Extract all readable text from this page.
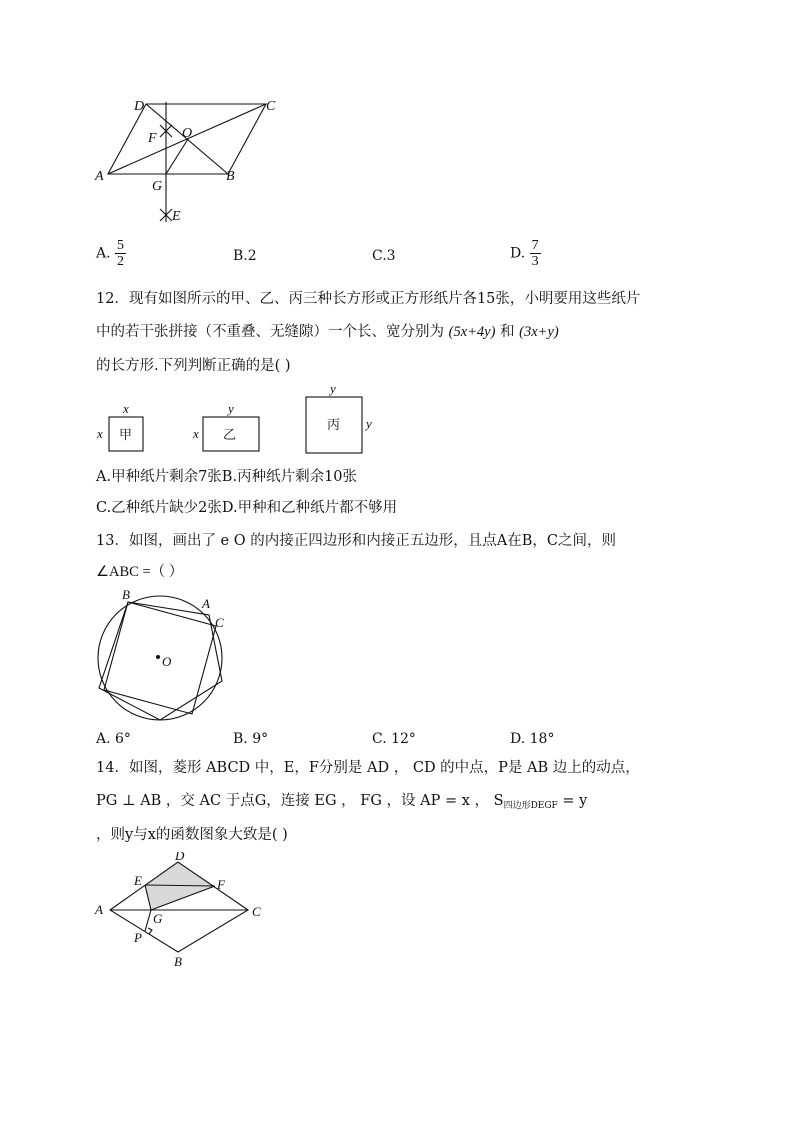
D	C
A	B
O
F
G
E
A. $\frac{5}{2}$	B.2	C.3	D. $\frac{7}{3}$
12．现有如图所示的甲、乙、丙三种长方形或正方形纸片各15张，小明要用这些纸片
中的若干张拼接（不重叠、无缝隙）一个长、宽分别为 (5x+4y) 和 (3x+y)
的长方形.下列判断正确的是( )
x
x 甲
y
x 乙
y
y
丙
A.甲种纸片剩余7张B.丙种纸片剩余10张
C.乙种纸片缺少2张D.甲种和乙种纸片都不够用
13．如图，画出了 e O 的内接正四边形和内接正五边形，且点A在B，C之间，则
∠ABC =（ ）
B
A
C
O
A. 6°	B. 9°	C. 12°	D. 18°
14．如图，菱形 ABCD 中，E，F分别是 AD ， CD 的中点，P是 AB 边上的动点，
PG ⊥ AB ，交 AC 于点G，连接 EG ， FG ，设 AP = x ， $S_{四边形DEGF} = y$
，则y与x的函数图象大致是( )
D
E	F
A
G	C
P
B
